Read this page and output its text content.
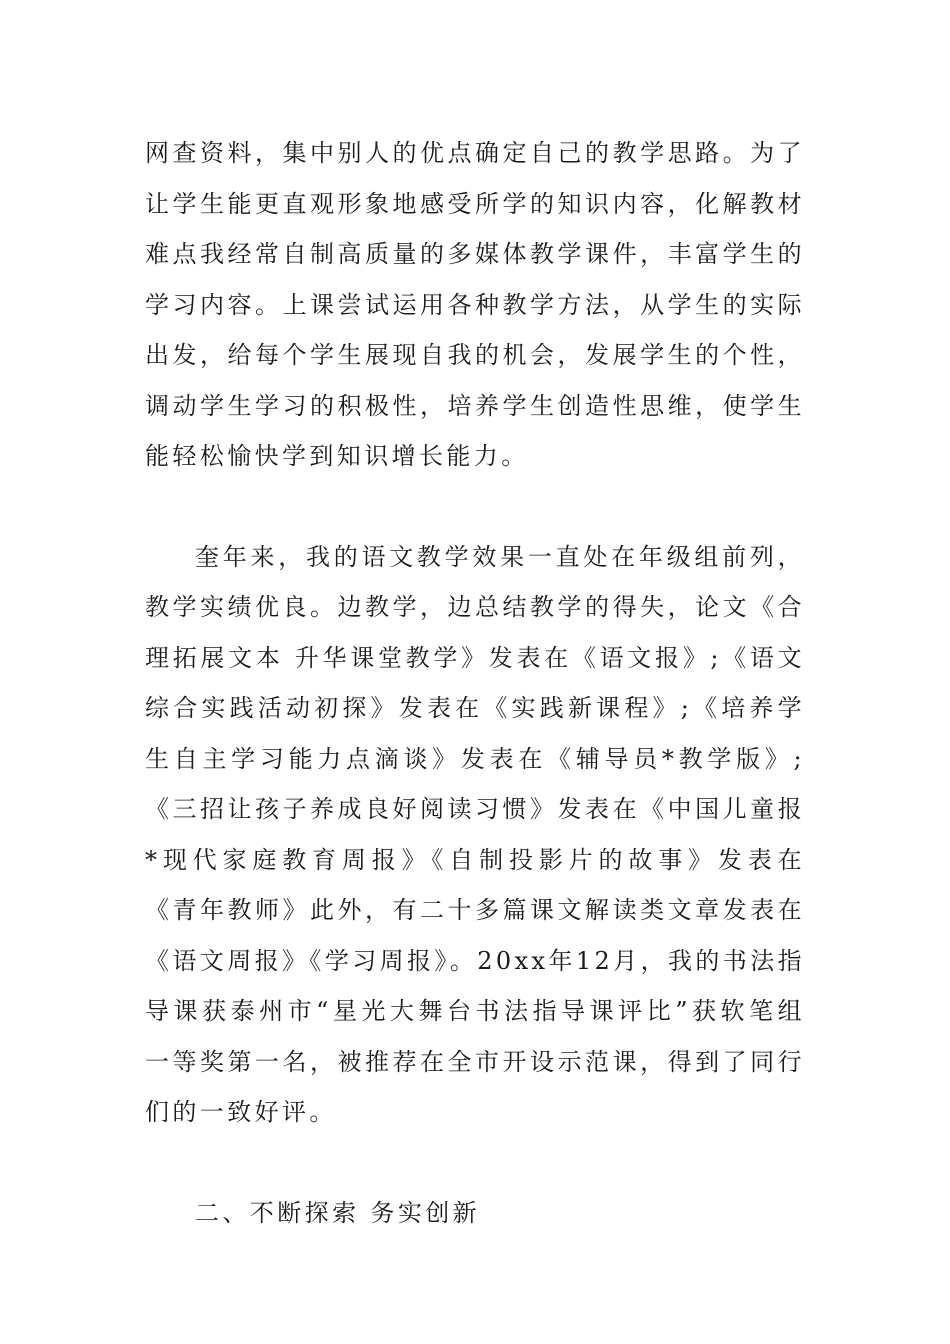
网查资料，集中别人的优点确定自己的教学思路。为了让学生能更直观形象地感受所学的知识内容，化解教材难点我经常自制高质量的多媒体教学课件，丰富学生的学习内容。上课尝试运用各种教学方法，从学生的实际出发，给每个学生展现自我的机会，发展学生的个性，调动学生学习的积极性，培养学生创造性思维，使学生能轻松愉快学到知识增长能力。

奎年来，我的语文教学效果一直处在年级组前列，教学实绩优良。边教学，边总结教学的得失，论文《合理拓展文本 升华课堂教学》发表在《语文报》;《语文综合实践活动初探》发表在《实践新课程》;《培养学生自主学习能力点滴谈》发表在《辅导员*教学版》;《三招让孩子养成良好阅读习惯》发表在《中国儿童报*现代家庭教育周报》《自制投影片的故事》发表在《青年教师》此外，有二十多篇课文解读类文章发表在《语文周报》《学习周报》。20xx年12月，我的书法指导课获泰州市“星光大舞台书法指导课评比”获软笔组一等奖第一名，被推荐在全市开设示范课，得到了同行们的一致好评。

二、不断探索 务实创新
